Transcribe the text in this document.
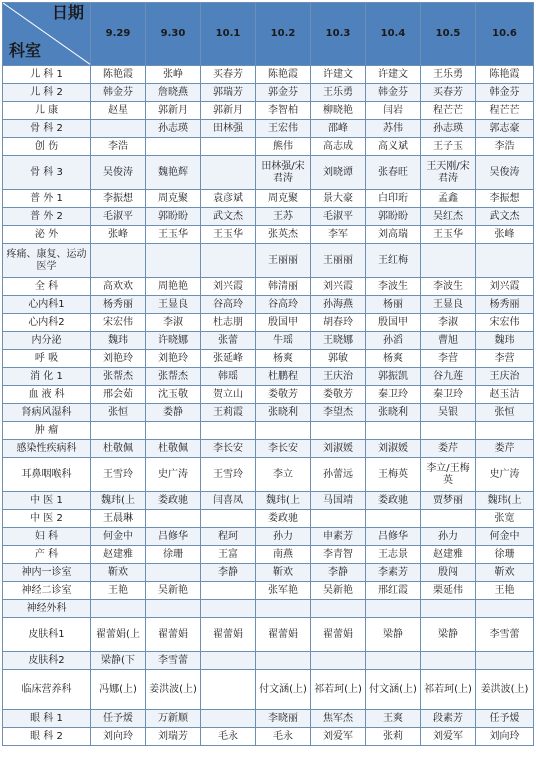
日期
科室	9.29	9.30	10.1	10.2	10.3	10.4	10.5	10.6
儿 科 1	陈艳霞	张峥	买春芳	陈艳霞	许建文	许建文	王乐勇	陈艳霞
儿 科 2	韩金芬	詹晓燕	郭瑞芳	郭金芬	王乐勇	韩金芬	买春芳	韩金芬
儿 康	赵星	郭新月	郭新月	李智柏	柳晓艳	闫岩	程芒芒	程芒芒
骨 科 2		孙志瑛	田林强	王宏伟	邵峰	苏伟	孙志瑛	郭志豪
创 伤	李浩			熊伟	高志成	高义斌	王子玉	李浩
骨 科 3	吴俊涛	魏艳辉		田林强/宋君涛	刘晓谭	张春旺	王天刚/宋君涛	吴俊涛
普 外 1	李振想	周克聚	袁彦斌	周克聚	景大豪	白印珩	孟鑫	李振想
普 外 2	毛淑平	郭盼盼	武文杰	王苏	毛淑平	郭盼盼	吴红杰	武文杰
泌 外	张峰	王玉华	王玉华	张英杰	李军	刘高瑞	王玉华	张峰
疼痛、康复、运动医学				王丽丽	王丽丽	王红梅		
全 科	高欢欢	周艳艳	刘兴霞	韩清丽	刘兴霞	李波生	李波生	刘兴霞
心内科1	杨秀丽	王显良	谷高玲	谷高玲	孙海燕	杨丽	王显良	杨秀丽
心内科2	宋宏伟	李淑	杜志朋	殷国甲	胡春玲	殷国甲	李淑	宋宏伟
内分泌	魏玮	许晓娜	张蕾	牛瑶	王晓娜	孙滔	曹旭	魏玮
呼 吸	刘艳玲	刘艳玲	张延峰	杨爽	郭敏	杨爽	李营	李营
消 化 1	张帮杰	张帮杰	韩瑶	杜鹏程	王庆治	郭振凯	谷九莲	王庆治
血 液 科	邢会茹	沈玉敬	贺立山	娄敬芳	娄敬芳	秦卫玲	秦卫玲	赵玉洁
肾病风湿科	张恒	娄静	王莉霞	张晓利	李望杰	张晓利	吴银	张恒
肿 瘤								
感染性疾病科	杜敬佩	杜敬佩	李长安	李长安	刘淑媛	刘淑媛	娄芹	娄芹
耳鼻咽喉科	王雪玲	史广涛	王雪玲	李立	孙蕾远	王梅英	李立/王梅英	史广涛
中 医 1	魏玮(上	娄政驰	闫喜凤	魏玮(上	马国靖	娄政驰	贾梦丽	魏玮(上
中 医 2	王晨琳			娄政驰				张宽
妇 科	何金中	吕修华	程珂	孙力	申素芳	吕修华	孙力	何金中
产 科	赵建雅	徐珊	王富	南燕	李青智	王志景	赵建雅	徐珊
神内一诊室	靳欢		李静	靳欢	李静	李素芳	殷闯	靳欢
神经二诊室	王艳	吴新艳		张军艳	吴新艳	邢红霞	栗延伟	王艳
神经外科								
皮肤科1	翟蕾娟(上	翟蕾娟	翟蕾娟	翟蕾娟	翟蕾娟	梁静	梁静	李雪蕾
皮肤科2	梁静(下	李雪蕾						
临床营养科	冯娜(上)	姜洪波(上)		付文涵(上)	祁若珂(上)	付文涵(上)	祁若珂(上)	姜洪波(上)
眼 科 1	任予煖	万新顺		李晓丽	焦军杰	王爽	段素芳	任予煖
眼 科 2	刘向玲	刘瑞芳	毛永	毛永	刘爱军	张莉	刘爱军	刘向玲
